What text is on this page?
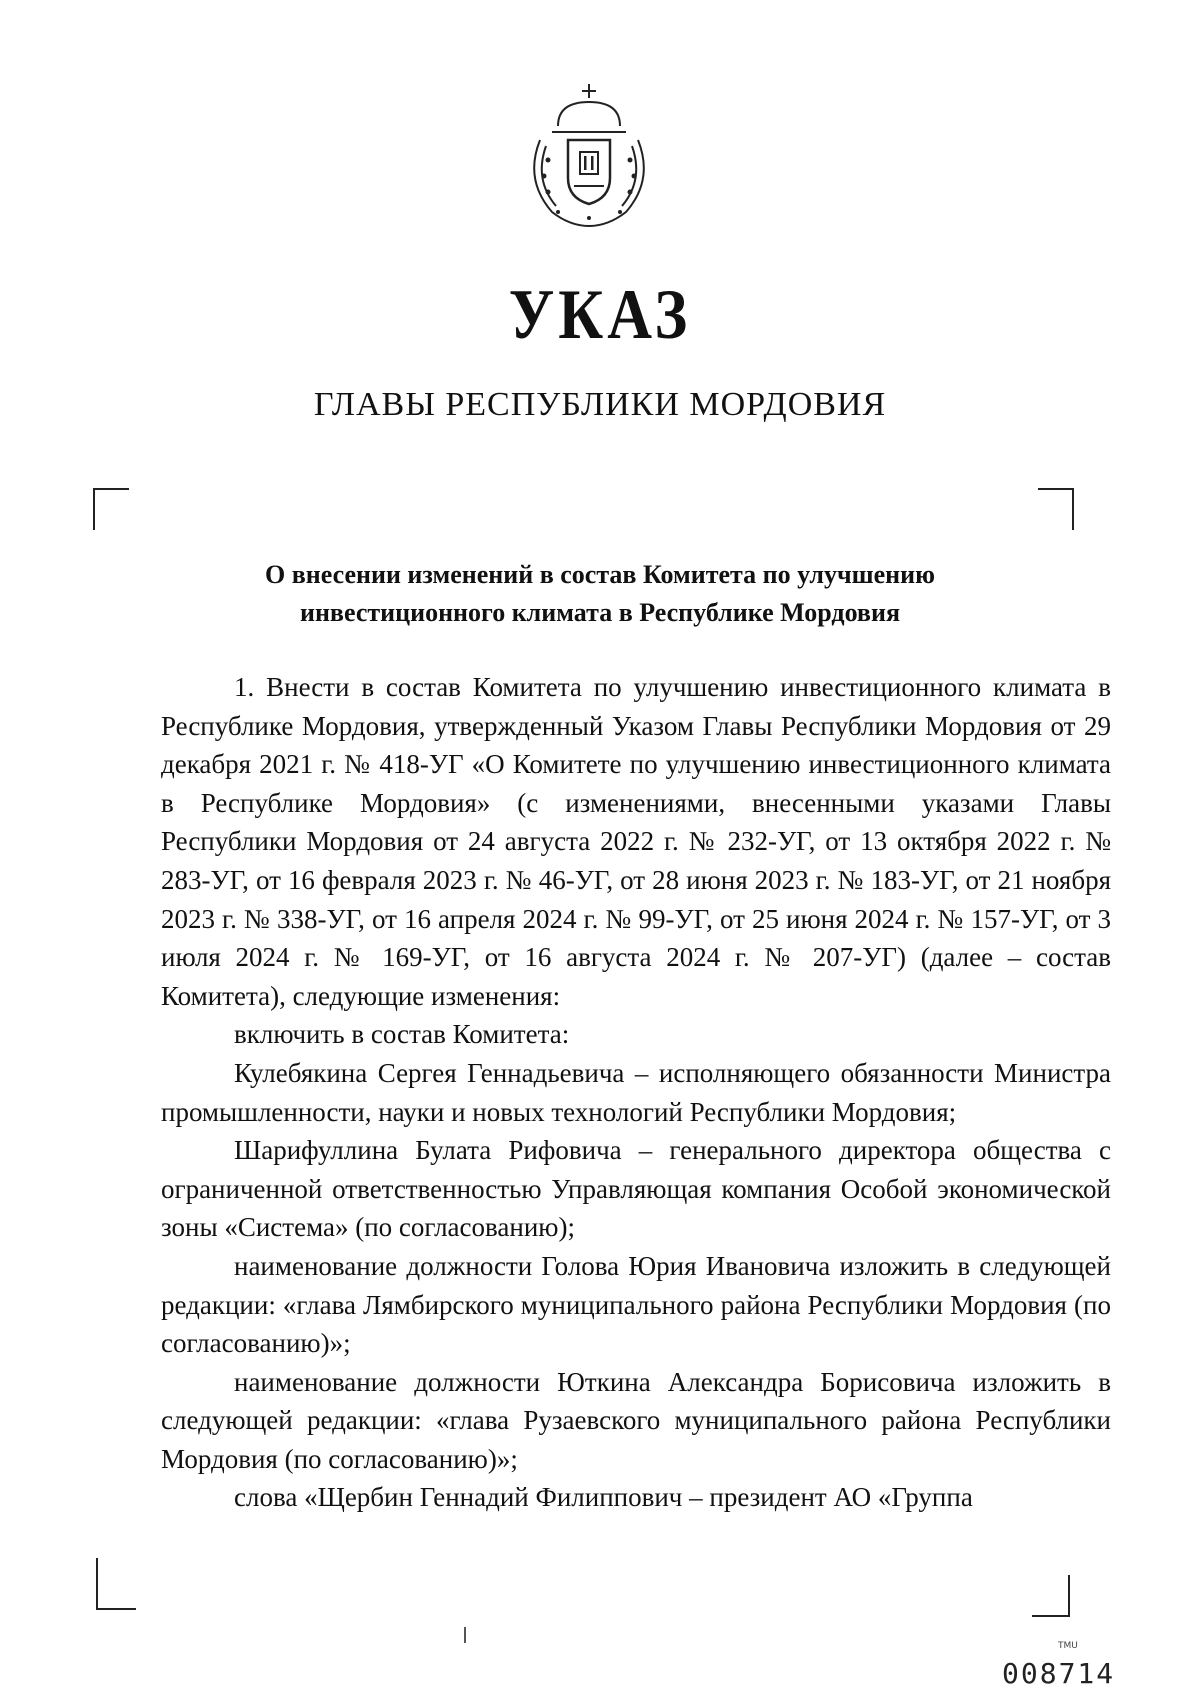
УКАЗ
ГЛАВЫ РЕСПУБЛИКИ МОРДОВИЯ

О внесении изменений в состав Комитета по улучшению
инвестиционного климата в Республике Мордовия

1. Внести в состав Комитета по улучшению инвестиционного климата в Республике Мордовия, утвержденный Указом Главы Республики Мордовия от 29 декабря 2021 г. № 418-УГ «О Комитете по улучшению инвестиционного климата в Республике Мордовия» (с изменениями, внесенными указами Главы Республики Мордовия от 24 августа 2022 г. № 232-УГ, от 13 октября 2022 г. № 283-УГ, от 16 февраля 2023 г. № 46-УГ, от 28 июня 2023 г. № 183-УГ, от 21 ноября 2023 г. № 338-УГ, от 16 апреля 2024 г. № 99-УГ, от 25 июня 2024 г. № 157-УГ, от 3 июля 2024 г. № 169-УГ, от 16 августа 2024 г. № 207-УГ) (далее – состав Комитета), следующие изменения:

включить в состав Комитета:

Кулебякина Сергея Геннадьевича – исполняющего обязанности Министра промышленности, науки и новых технологий Республики Мордовия;

Шарифуллина Булата Рифовича – генерального директора общества с ограниченной ответственностью Управляющая компания Особой экономической зоны «Система» (по согласованию);

наименование должности Голова Юрия Ивановича изложить в следующей редакции: «глава Лямбирского муниципального района Республики Мордовия (по согласованию)»;

наименование должности Юткина Александра Борисовича изложить в следующей редакции: «глава Рузаевского муниципального района Республики Мордовия (по согласованию)»;

слова «Щербин Геннадий Филиппович – президент АО «Группа

TMU
008714
